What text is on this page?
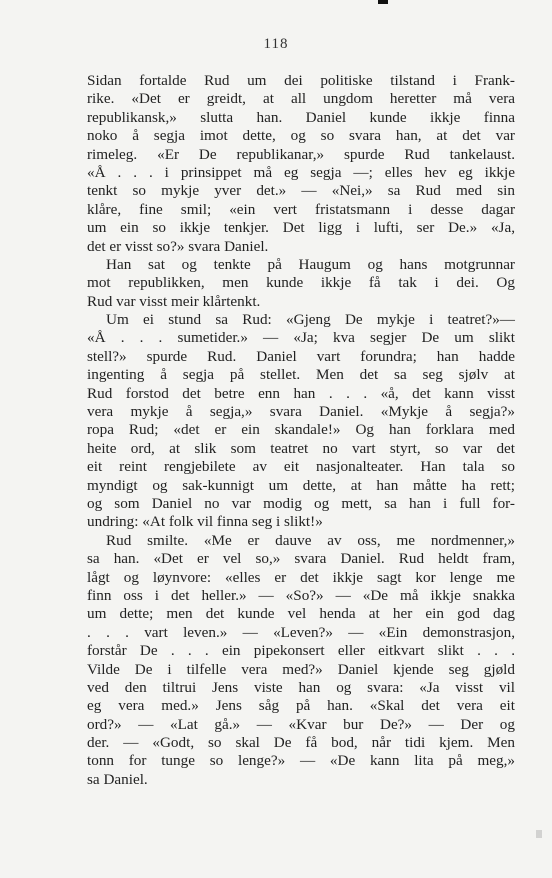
118
Sidan fortalde Rud um dei politiske tilstand i Frank-
rike. «Det er greidt, at all ungdom heretter må vera
republikansk,» slutta han. Daniel kunde ikkje finna
noko å segja imot dette, og so svara han, at det var
rimeleg. «Er De republikanar,» spurde Rud tankelaust.
«Å . . . i prinsippet må eg segja —; elles hev eg ikkje
tenkt so mykje yver det.» — «Nei,» sa Rud med sin
klåre, fine smil; «ein vert fristatsmann i desse dagar
um ein so ikkje tenkjer. Det ligg i lufti, ser De.» «Ja,
det er visst so?» svara Daniel.
Han sat og tenkte på Haugum og hans motgrunnar
mot republikken, men kunde ikkje få tak i dei. Og
Rud var visst meir klårtenkt.
Um ei stund sa Rud: «Gjeng De mykje i teatret?»—
«Å . . . sumetider.» — «Ja; kva segjer De um slikt
stell?» spurde Rud. Daniel vart forundra; han hadde
ingenting å segja på stellet. Men det sa seg sjølv at
Rud forstod det betre enn han . . . «å, det kann visst
vera mykje å segja,» svara Daniel. «Mykje å segja?»
ropa Rud; «det er ein skandale!» Og han forklara med
heite ord, at slik som teatret no vart styrt, so var det
eit reint rengjebilete av eit nasjonalteater. Han tala so
myndigt og sak-kunnigt um dette, at han måtte ha rett;
og som Daniel no var modig og mett, sa han i full for-
undring: «At folk vil finna seg i slikt!»
Rud smilte. «Me er dauve av oss, me nordmenner,»
sa han. «Det er vel so,» svara Daniel. Rud heldt fram,
lågt og løynvore: «elles er det ikkje sagt kor lenge me
finn oss i det heller.» — «So?» — «De må ikkje snakka
um dette; men det kunde vel henda at her ein god dag
. . . vart leven.» — «Leven?» — «Ein demonstrasjon,
forstår De . . . ein pipekonsert eller eitkvart slikt . . .
Vilde De i tilfelle vera med?» Daniel kjende seg gjøld
ved den tiltrui Jens viste han og svara: «Ja visst vil
eg vera med.» Jens såg på han. «Skal det vera eit
ord?» — «Lat gå.» — «Kvar bur De?» — Der og
der. — «Godt, so skal De få bod, når tidi kjem. Men
tonn for tunge so lenge?» — «De kann lita på meg,»
sa Daniel.
